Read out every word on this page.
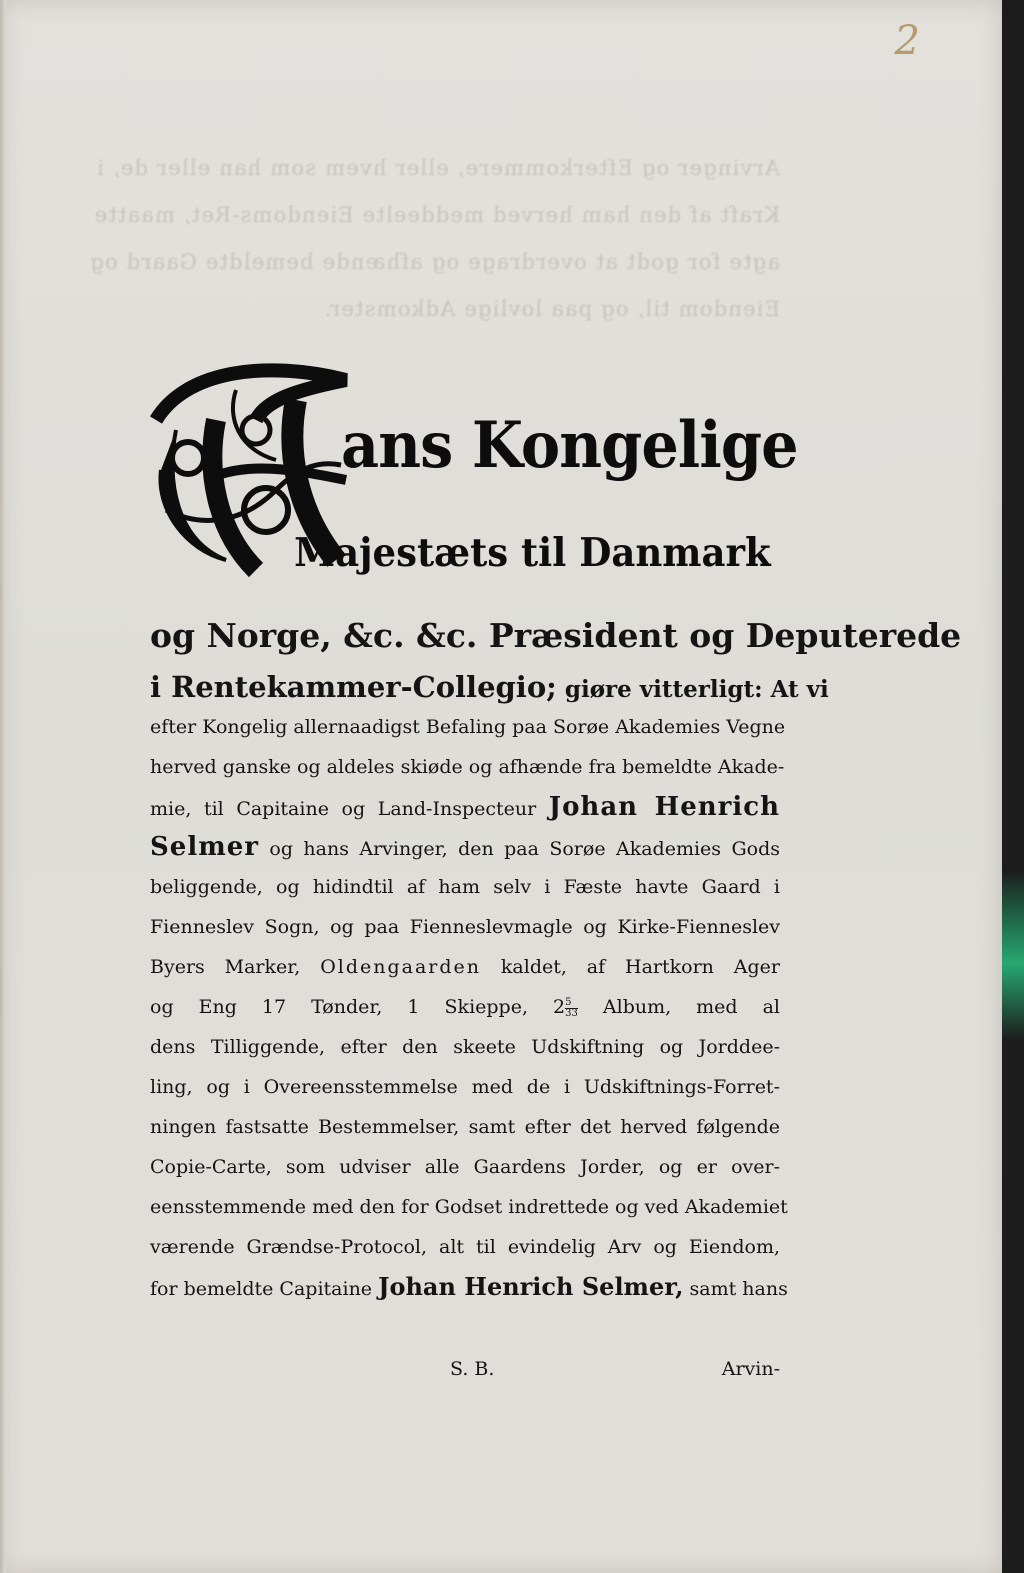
2
Arvinger og Efterkommere, eller hvem som han eller de, i
Kraft af den ham herved meddeelte Eiendoms-Ret, maatte
agte for godt at overdrage og afhænde bemeldte Gaard og
Eiendom til, og paa lovlige Adkomster.
ans Kongelige
Majestæts til Danmark
og Norge, &c. &c. Præsident og Deputerede
i Rentekammer-Collegio; giøre vitterligt: At vi
efter Kongelig allernaadigst Befaling paa Sorøe Akademies Vegne
herved ganske og aldeles skiøde og afhænde fra bemeldte Akade-
mie, til Capitaine og Land-Inspecteur Johan Henrich
Selmer og hans Arvinger, den paa Sorøe Akademies Gods
beliggende, og hidindtil af ham selv i Fæste havte Gaard i
Fienneslev Sogn, og paa Fienneslevmagle og Kirke-Fienneslev
Byers Marker, Oldengaarden kaldet, af Hartkorn Ager
og Eng 17 Tønder, 1 Skieppe, $2 \frac{5}{33}$ Album, med al
dens Tilliggende, efter den skeete Udskiftning og Jorddee-
ling, og i Overeensstemmelse med de i Udskiftnings-Forret-
ningen fastsatte Bestemmelser, samt efter det herved følgende
Copie-Carte, som udviser alle Gaardens Jorder, og er over-
eensstemmende med den for Godset indrettede og ved Akademiet
værende Grændse-Protocol, alt til evindelig Arv og Eiendom,
for bemeldte Capitaine Johan Henrich Selmer, samt hans
S. B.	Arvin-
